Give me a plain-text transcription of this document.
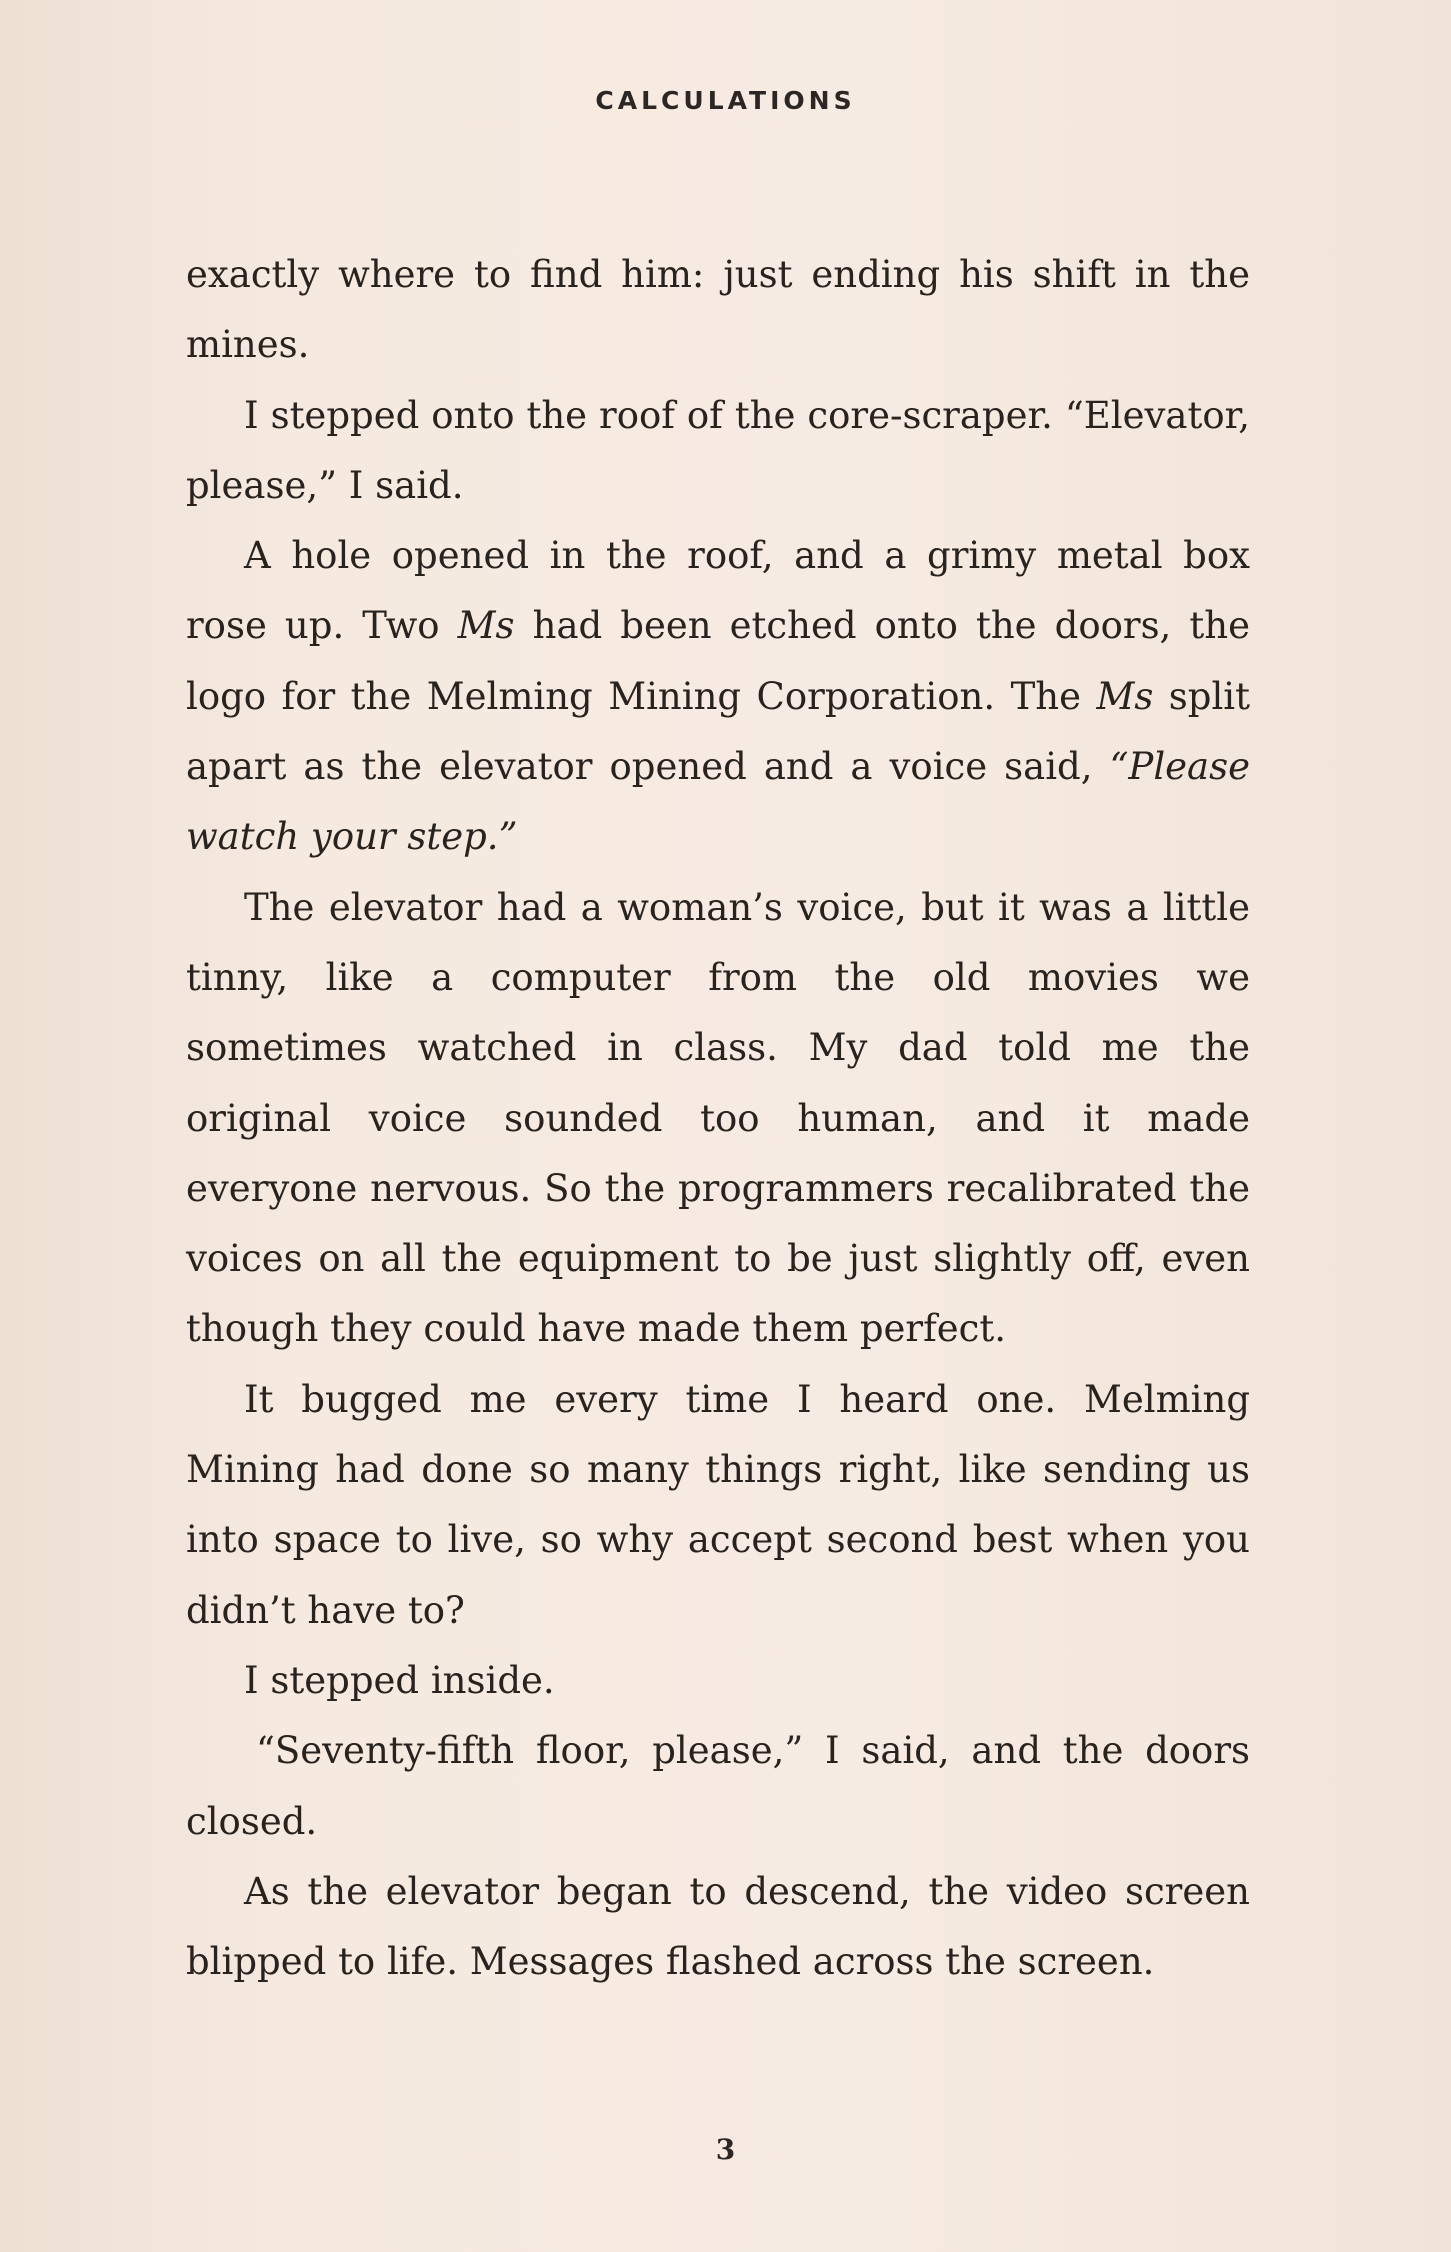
CALCULATIONS

exactly where to find him: just ending his shift in the mines.

I stepped onto the roof of the core-scraper. “Elevator, please,” I said.

A hole opened in the roof, and a grimy metal box rose up. Two Ms had been etched onto the doors, the logo for the Melming Mining Corporation. The Ms split apart as the elevator opened and a voice said, “Please watch your step.”

The elevator had a woman’s voice, but it was a little tinny, like a computer from the old movies we sometimes watched in class. My dad told me the original voice sounded too human, and it made everyone nervous. So the programmers recalibrated the voices on all the equipment to be just slightly off, even though they could have made them perfect.

It bugged me every time I heard one. Melming Mining had done so many things right, like sending us into space to live, so why accept second best when you didn’t have to?

I stepped inside.

“Seventy-fifth floor, please,” I said, and the doors closed.

As the elevator began to descend, the video screen blipped to life. Messages flashed across the screen.

3
